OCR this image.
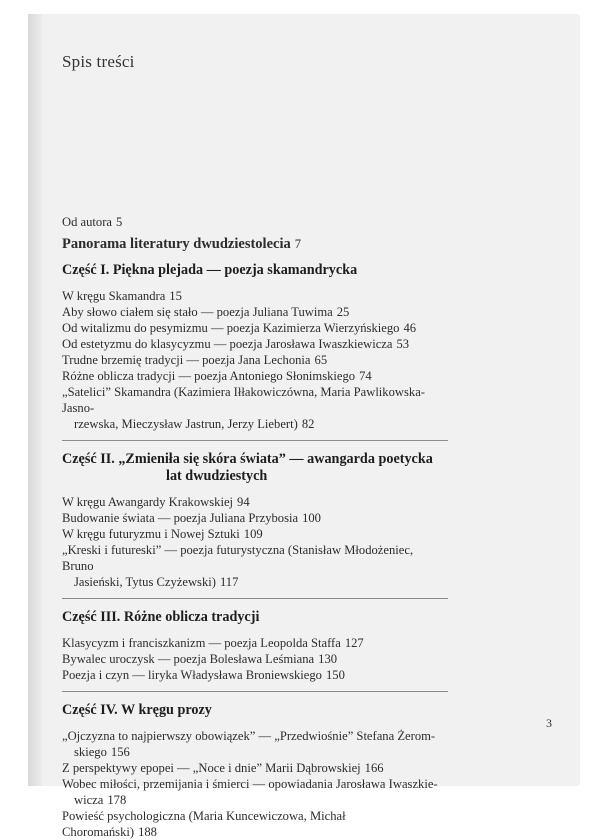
Spis treści
Od autora 5
Panorama literatury dwudziestolecia 7
Część I. Piękna plejada — poezja skamandrycka
W kręgu Skamandra 15
Aby słowo ciałem się stało — poezja Juliana Tuwima 25
Od witalizmu do pesymizmu — poezja Kazimierza Wierzyńskiego 46
Od estetyzmu do klasycyzmu — poezja Jarosława Iwaszkiewicza 53
Trudne brzemię tradycji — poezja Jana Lechonia 65
Różne oblicza tradycji — poezja Antoniego Słonimskiego 74
„Satelici” Skamandra (Kazimiera Iłłakowiczówna, Maria Pawlikowska-Jasno-
rzewska, Mieczysław Jastrun, Jerzy Liebert) 82
Część II. „Zmieniła się skóra świata” — awangarda poetycka
lat dwudziestych
W kręgu Awangardy Krakowskiej 94
Budowanie świata — poezja Juliana Przybosia 100
W kręgu futuryzmu i Nowej Sztuki 109
„Kreski i futureski” — poezja futurystyczna (Stanisław Młodożeniec, Bruno
Jasieński, Tytus Czyżewski) 117
Część III. Różne oblicza tradycji
Klasycyzm i franciszkanizm — poezja Leopolda Staffa 127
Bywalec uroczysk — poezja Bolesława Leśmiana 130
Poezja i czyn — liryka Władysława Broniewskiego 150
Część IV. W kręgu prozy
„Ojczyzna to najpierwszy obowiązek” — „Przedwiośnie” Stefana Żerom-
skiego 156
Z perspektywy epopei — „Noce i dnie” Marii Dąbrowskiej 166
Wobec miłości, przemijania i śmierci — opowiadania Jarosława Iwaszkie-
wicza 178
Powieść psychologiczna (Maria Kuncewiczowa, Michał Choromański) 188
3
